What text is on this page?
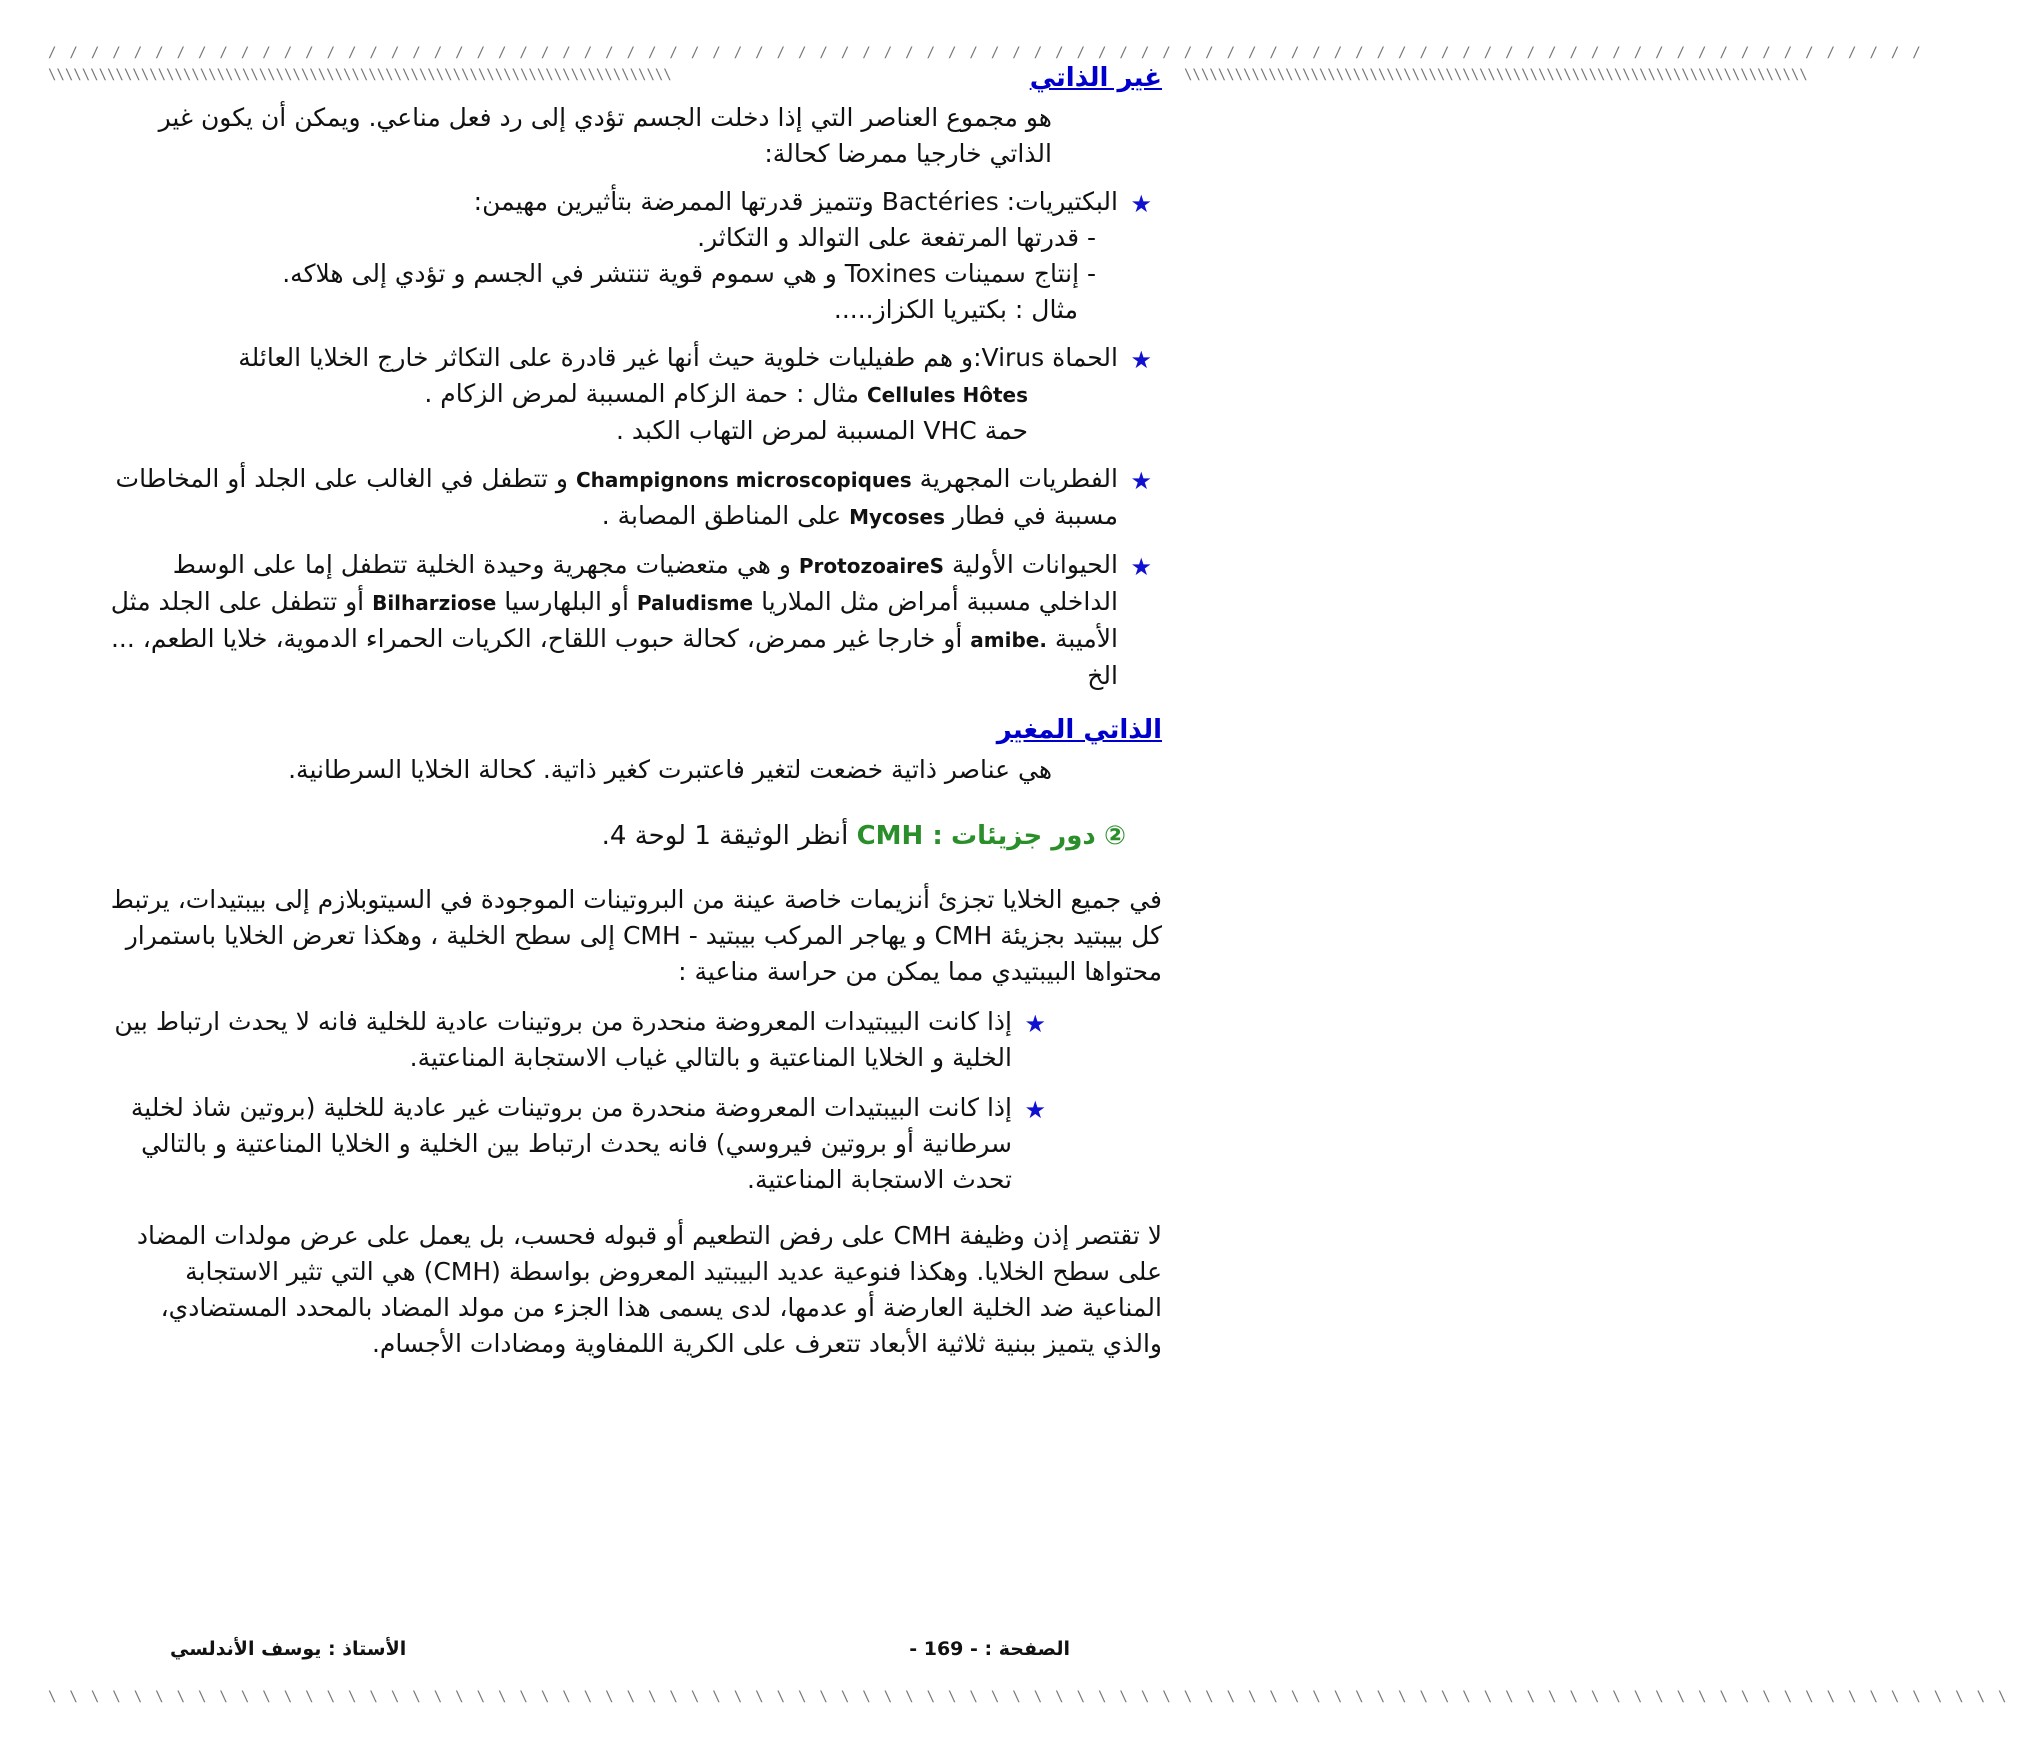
////////////////////////////////////////////////////////////////////////////////////////
\\\\\\\\\\\\\\\\\\\\\\\\\\\\\\\\\\\\\\\\\\\\\\\\\\\\\\\\\\\\\\\\\\\\\\\\\\\\\\\\\\\\\\\\\\\\
\\\\\\\\\\\\\\\\\\\\\\\\\\\\\\\\\\\\\\\\\\\\\\\\\\\\\\\\\\\\\\\\\\\\\\\\\\	\\\\\\\\\\\\\\\\\\\\\\\\\\\\\\\\\\\\\\\\\\\\\\\\\\\\\\\\\\\\\\\\\\\\\\\\\\
غير الذاتي

هو مجموع العناصر التي إذا دخلت الجسم تؤدي إلى رد فعل مناعي. ويمكن أن يكون غير الذاتي خارجيا ممرضا كحالة:

★

البكتيريات: Bactéries وتتميز قدرتها الممرضة بتأثيرين مهيمن:

- قدرتها المرتفعة على التوالد و التكاثر.

- إنتاج سمينات Toxines و هي سموم قوية تنتشر في الجسم و تؤدي إلى هلاكه.

مثال : بكتيريا الكزاز.....

★

الحماة Virus:و هم طفيليات خلوية حيث أنها غير قادرة على التكاثر خارج الخلايا العائلة

Cellules Hôtes مثال : حمة الزكام المسببة لمرض الزكام .

حمة VHC المسببة لمرض التهاب الكبد .

★

الفطريات المجهرية Champignons microscopiques و تتطفل في الغالب على الجلد أو المخاطات مسببة في فطار Mycoses على المناطق المصابة .

★

الحيوانات الأولية ProtozoaireS و هي متعضيات مجهرية وحيدة الخلية تتطفل إما على الوسط الداخلي مسببة أمراض مثل الملاريا Paludisme أو البلهارسيا Bilharziose أو تتطفل على الجلد مثل الأميبة amibe. أو خارجا غير ممرض، كحالة حبوب اللقاح، الكريات الحمراء الدموية، خلايا الطعم، ... الخ

الذاتي المغير

هي عناصر ذاتية خضعت لتغير فاعتبرت كغير ذاتية. كحالة الخلايا السرطانية.

② دور جزيئات CMH : أنظر الوثيقة 1 لوحة 4.

في جميع الخلايا تجزئ أنزيمات خاصة عينة من البروتينات الموجودة في السيتوبلازم إلى بيبتيدات، يرتبط كل بيبتيد بجزيئة CMH و يهاجر المركب بيبتيد - CMH إلى سطح الخلية ، وهكذا تعرض الخلايا باستمرار محتواها البيبتيدي مما يمكن من حراسة مناعية :

★

إذا كانت البيبتيدات المعروضة منحدرة من بروتينات عادية للخلية فانه لا يحدث ارتباط بين الخلية و الخلايا المناعتية و بالتالي غياب الاستجابة المناعتية.

★

إذا كانت البيبتيدات المعروضة منحدرة من بروتينات غير عادية للخلية (بروتين شاذ لخلية سرطانية أو بروتين فيروسي) فانه يحدث ارتباط بين الخلية و الخلايا المناعتية و بالتالي تحدث الاستجابة المناعتية.

لا تقتصر إذن وظيفة CMH على رفض التطعيم أو قبوله فحسب، بل يعمل على عرض مولدات المضاد على سطح الخلايا. وهكذا فنوعية عديد البيبتيد المعروض بواسطة (CMH) هي التي تثير الاستجابة المناعية ضد الخلية العارضة أو عدمها، لدى يسمى هذا الجزء من مولد المضاد بالمحدد المستضادي، والذي يتميز ببنية ثلاثية الأبعاد تتعرف على الكرية اللمفاوية ومضادات الأجسام.

الصفحة : - 169 -
الأستاذ : يوسف الأندلسي
